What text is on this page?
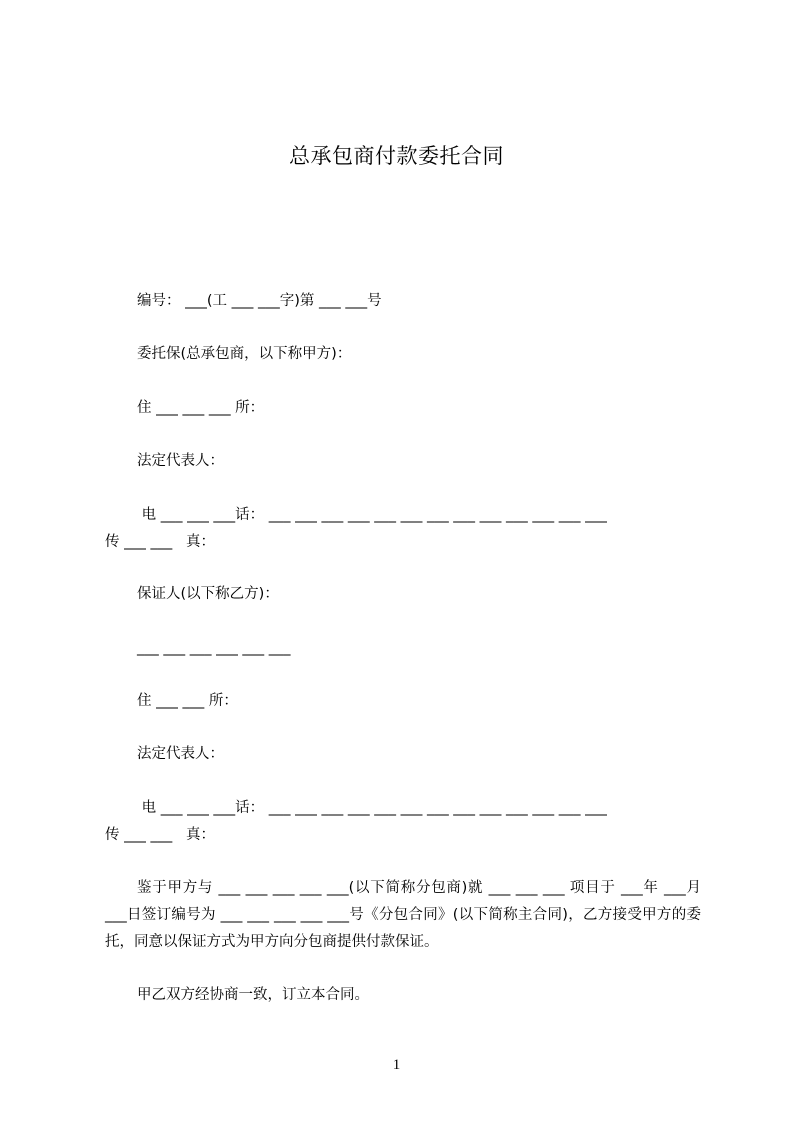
总承包商付款委托合同

编号： ___(工 ___ ___字)第 ___ ___号

委托保(总承包商，以下称甲方)：

住 ___ ___ ___ 所：

法定代表人：

电 ___ ___ ___话： ___ ___ ___ ___ ___ ___ ___ ___ ___ ___ ___ ___ ___

传 ___ ___   真：

保证人(以下称乙方)：

___ ___ ___ ___ ___ ___

住 ___ ___ 所：

法定代表人：

电 ___ ___ ___话： ___ ___ ___ ___ ___ ___ ___ ___ ___ ___ ___ ___ ___

传 ___ ___   真：

鉴于甲方与 ___ ___ ___ ___ ___(以下简称分包商)就 ___ ___ ___ 项目于 ___年 ___月 ___日签订编号为 ___ ___ ___ ___ ___号《分包合同》(以下简称主合同)，乙方接受甲方的委托，同意以保证方式为甲方向分包商提供付款保证。

甲乙双方经协商一致，订立本合同。

1
